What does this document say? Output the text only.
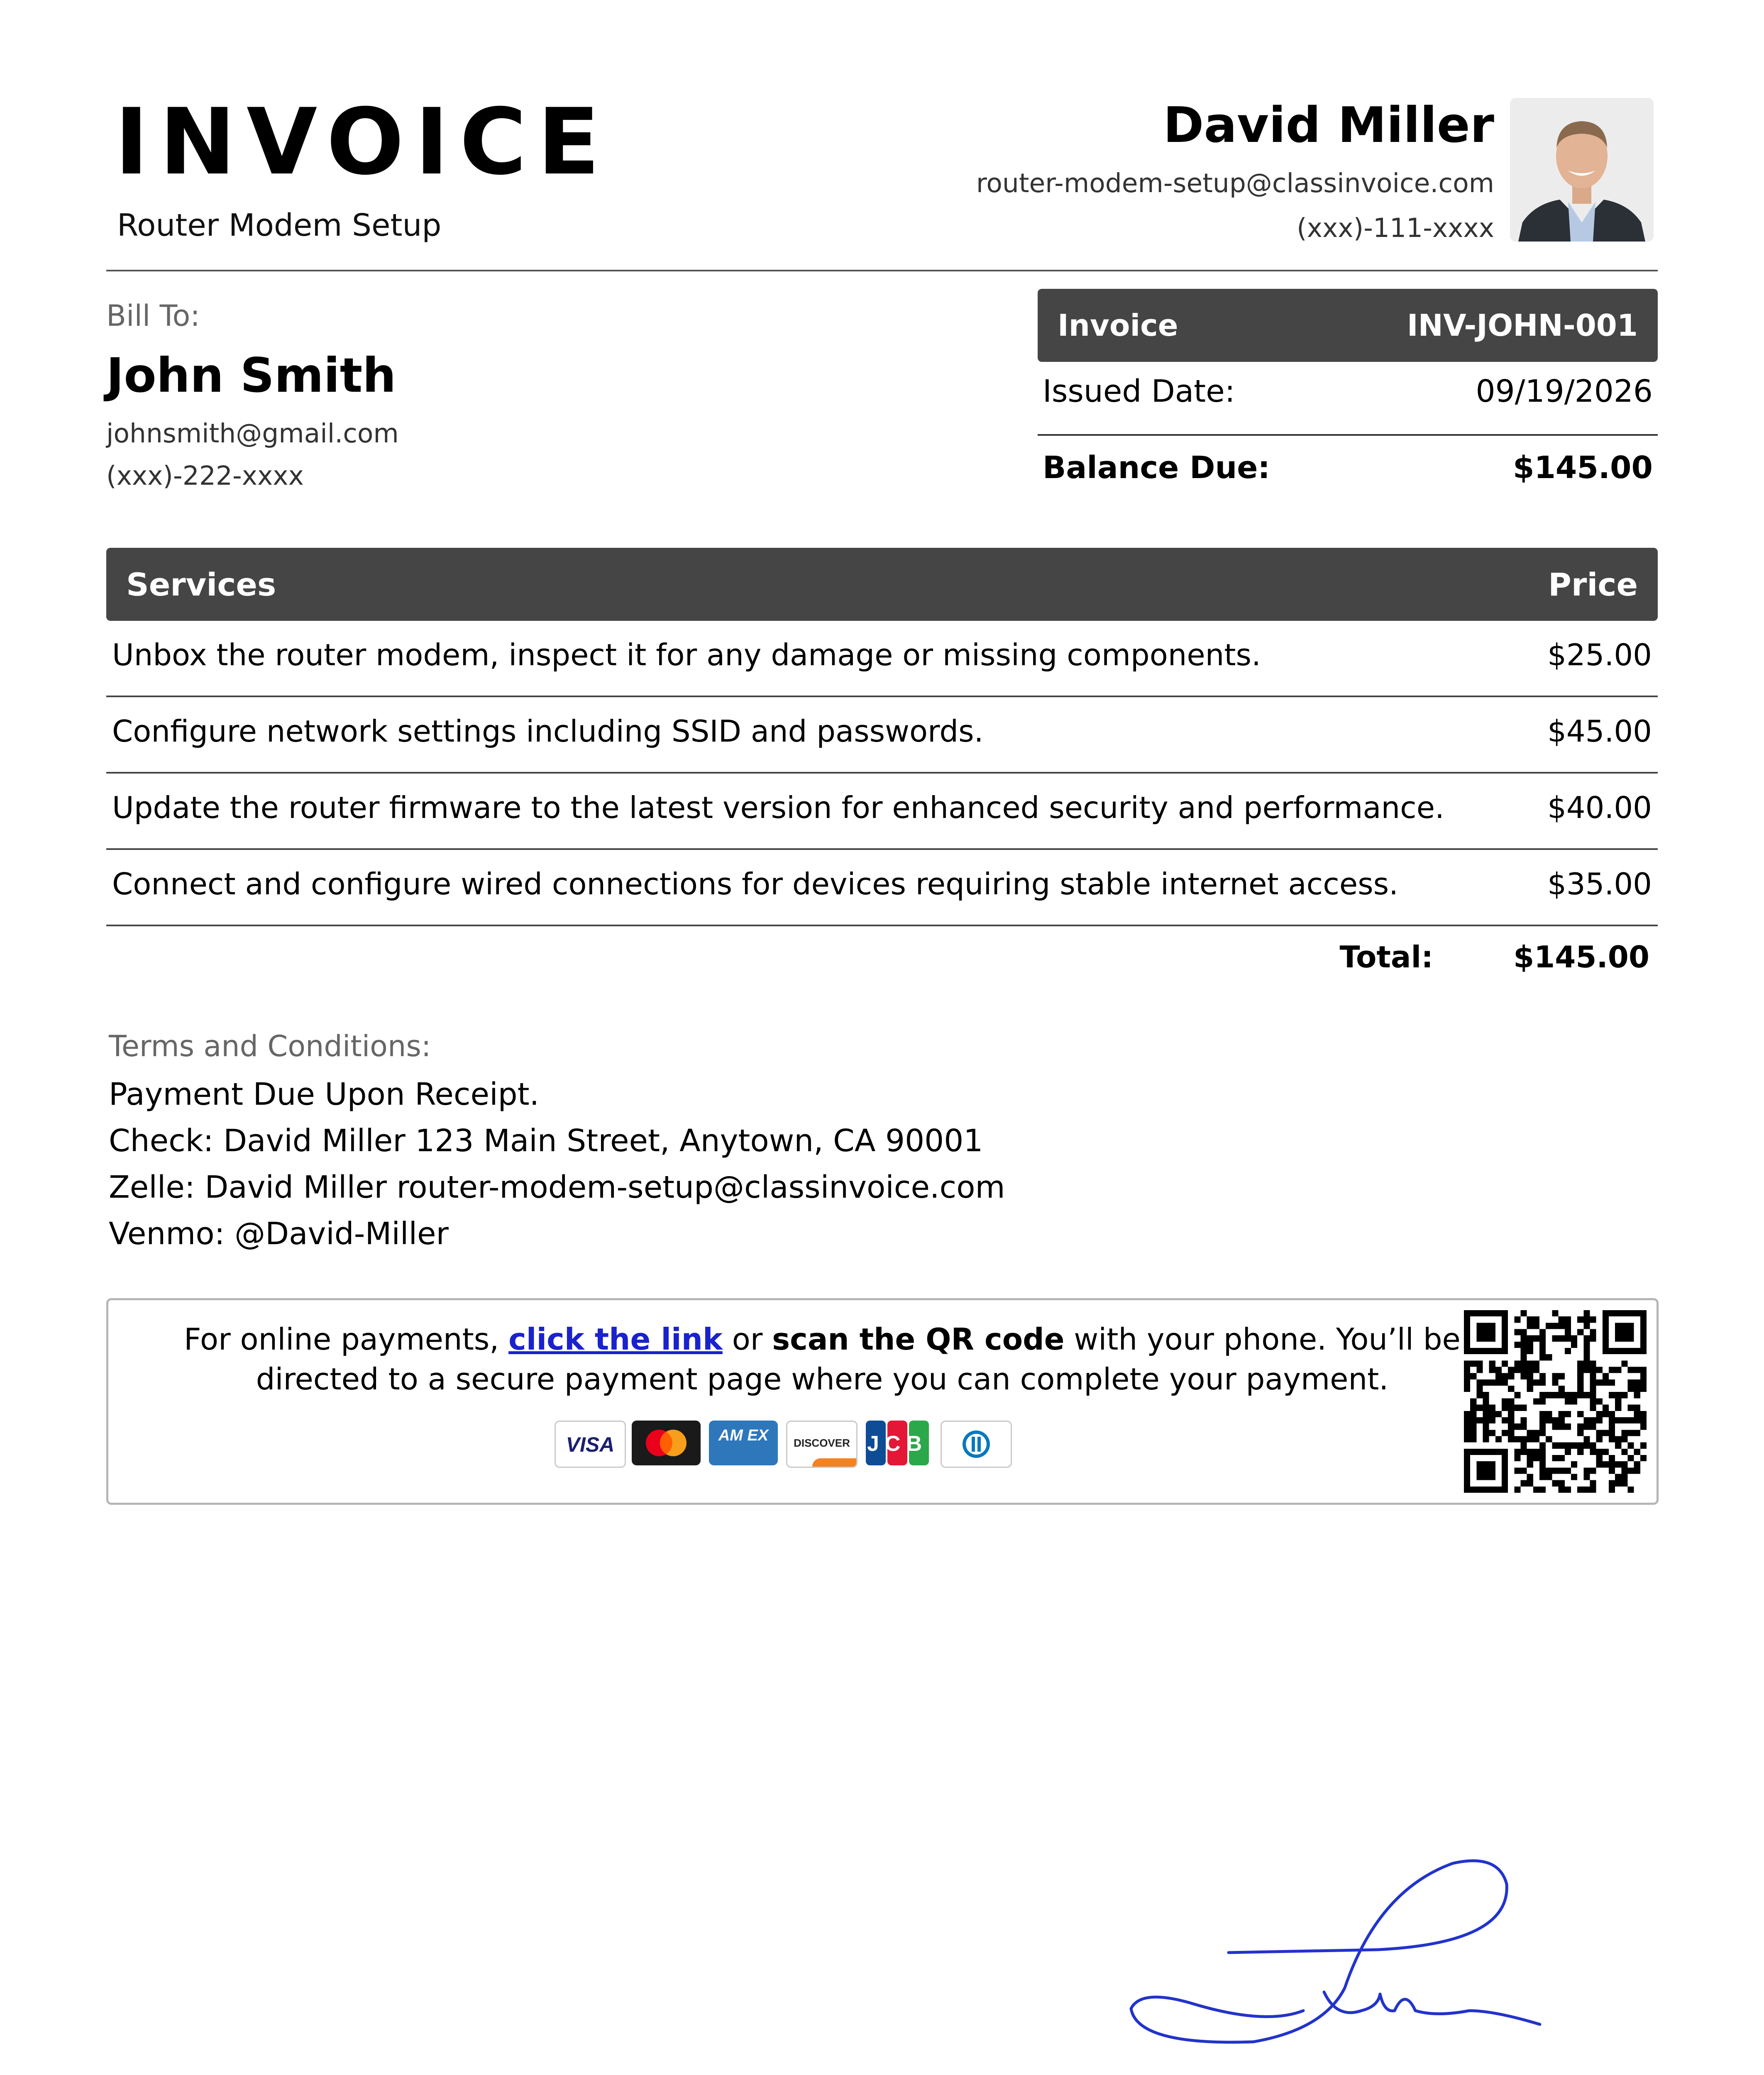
INVOICE
Router Modem Setup
David Miller
router-modem-setup@classinvoice.com
(xxx)-111-xxxx
Bill To:
John Smith
johnsmith@gmail.com
(xxx)-222-xxxx
Invoice	INV-JOHN-001
Issued Date:	09/19/2026
Balance Due:	$145.00
Services	Price
Unbox the router modem, inspect it for any damage or missing components.	$25.00
Configure network settings including SSID and passwords.	$45.00
Update the router firmware to the latest version for enhanced security and performance.	$40.00
Connect and configure wired connections for devices requiring stable internet access.	$35.00
Total:	$145.00
Terms and Conditions:
Payment Due Upon Receipt.
Check: David Miller 123 Main Street, Anytown, CA 90001
Zelle: David Miller router-modem-setup@classinvoice.com
Venmo: @David-Miller
For online payments, click the link or scan the QR code with your phone. You’ll be directed to a secure payment page where you can complete your payment.
VISA	AM EX	DISCOVER JCB
